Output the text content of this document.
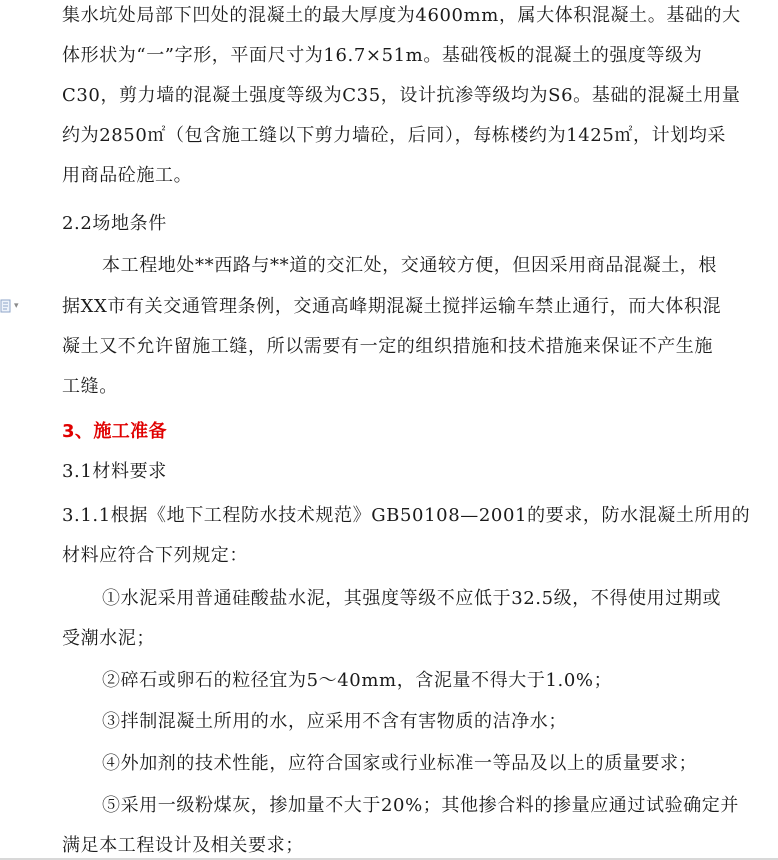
集水坑处局部下凹处的混凝土的最大厚度为4600mm，属大体积混凝土。基础的大
体形状为“一”字形，平面尺寸为16.7×51m。基础筏板的混凝土的强度等级为
C30，剪力墙的混凝土强度等级为C35，设计抗渗等级均为S6。基础的混凝土用量
约为2850㎡（包含施工缝以下剪力墙砼，后同），每栋楼约为1425㎡，计划均采
用商品砼施工。
2.2场地条件
本工程地处**西路与**道的交汇处，交通较方便，但因采用商品混凝土，根
据XX市有关交通管理条例，交通高峰期混凝土搅拌运输车禁止通行，而大体积混
凝土又不允许留施工缝，所以需要有一定的组织措施和技术措施来保证不产生施
工缝。
3、施工准备
3.1材料要求
3.1.1根据《地下工程防水技术规范》GB50108—2001的要求，防水混凝土所用的
材料应符合下列规定：
①水泥采用普通硅酸盐水泥，其强度等级不应低于32.5级，不得使用过期或
受潮水泥；
②碎石或卵石的粒径宜为5～40mm，含泥量不得大于1.0%；
③拌制混凝土所用的水，应采用不含有害物质的洁净水；
④外加剂的技术性能，应符合国家或行业标准一等品及以上的质量要求；
⑤采用一级粉煤灰，掺加量不大于20%；其他掺合料的掺量应通过试验确定并
满足本工程设计及相关要求；
▾
